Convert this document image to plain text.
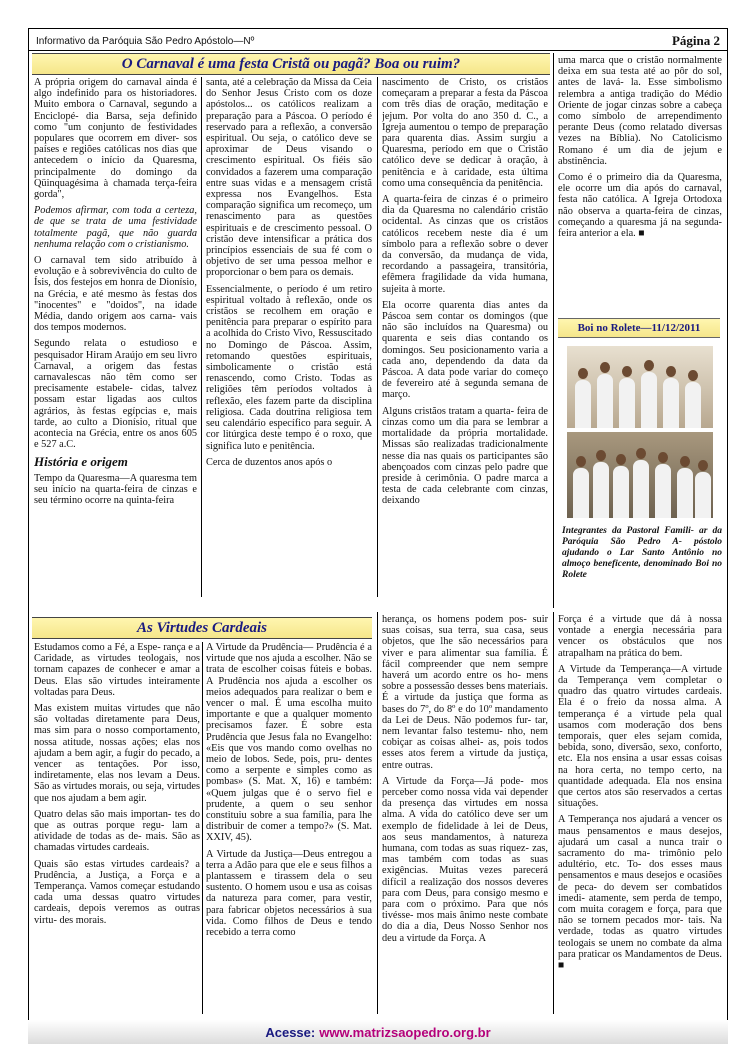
Informativo da Paróquia São Pedro Apóstolo—Nº	Página 2
O Carnaval é uma festa Cristã ou pagã? Boa ou ruim?

A própria origem do carnaval ainda é algo indefinido para os historiadores. Muito embora o Carnaval, segundo a Enciclopé- dia Barsa, seja definido como "um conjunto de festividades populares que ocorrem em diver- sos países e regiões católicas nos dias que antecedem o início da Quaresma, principalmente do domingo da Qüinquagésima à chamada terça-feira gorda",

Podemos afirmar, com toda a certeza, de que se trata de uma festividade totalmente pagã, que não guarda nenhuma relação com o cristianismo.

O carnaval tem sido atribuído à evolução e à sobrevivência do culto de Ísis, dos festejos em honra de Dionísio, na Grécia, e até mesmo às festas dos "inocentes" e "doidos", na idade Média, dando origem aos carna- vais dos tempos modernos.

Segundo relata o estudioso e pesquisador Hiram Araújo em seu livro Carnaval, a origem das festas carnavalescas não têm como ser precisamente estabele- cidas, talvez possam estar ligadas aos cultos agrários, às festas egípcias e, mais tarde, ao culto a Dionísio, ritual que acontecia na Grécia, entre os anos 605 e 527 a.C.

História e origem

Tempo da Quaresma—A quaresma tem seu início na quarta-feira de cinzas e seu término ocorre na quinta-feira

santa, até a celebração da Missa da Ceia do Senhor Jesus Cristo com os doze apóstolos... os católicos realizam a preparação para a Páscoa. O período é reservado para a reflexão, a conversão espiritual. Ou seja, o católico deve se aproximar de Deus visando o crescimento espiritual. Os fiéis são convidados a fazerem uma comparação entre suas vidas e a mensagem cristã expressa nos Evangelhos. Esta comparação significa um recomeço, um renascimento para as questões espirituais e de crescimento pessoal. O cristão deve intensificar a prática dos princípios essenciais de sua fé com o objetivo de ser uma pessoa melhor e proporcionar o bem para os demais.

Essencialmente, o período é um retiro espiritual voltado à reflexão, onde os cristãos se recolhem em oração e penitência para preparar o espírito para a acolhida do Cristo Vivo, Ressuscitado no Domingo de Páscoa. Assim, retomando questões espirituais, simbolicamente o cristão está renascendo, como Cristo. Todas as religiões têm períodos voltados à reflexão, eles fazem parte da disciplina religiosa. Cada doutrina religiosa tem seu calendário específico para seguir. A cor litúrgica deste tempo é o roxo, que significa luto e penitência.

Cerca de duzentos anos após o

nascimento de Cristo, os cristãos começaram a preparar a festa da Páscoa com três dias de oração, meditação e jejum. Por volta do ano 350 d. C., a Igreja aumentou o tempo de preparação para quarenta dias. Assim surgiu a Quaresma, período em que o Cristão católico deve se dedicar à oração, à penitência e à caridade, esta última como uma consequência da penitência.

A quarta-feira de cinzas é o primeiro dia da Quaresma no calendário cristão ocidental. As cinzas que os cristãos católicos recebem neste dia é um símbolo para a reflexão sobre o dever da conversão, da mudança de vida, recordando a passageira, transitória, efêmera fragilidade da vida humana, sujeita à morte.

Ela ocorre quarenta dias antes da Páscoa sem contar os domingos (que não são incluídos na Quaresma) ou quarenta e seis dias contando os domingos. Seu posicionamento varia a cada ano, dependendo da data da Páscoa. A data pode variar do começo de fevereiro até à segunda semana de março.

Alguns cristãos tratam a quarta- feira de cinzas como um dia para se lembrar a mortalidade da própria mortalidade. Missas são realizadas tradicionalmente nesse dia nas quais os participantes são abençoados com cinzas pelo padre que preside à cerimônia. O padre marca a testa de cada celebrante com cinzas, deixando

uma marca que o cristão normalmente deixa em sua testa até ao pôr do sol, antes de lavá- la. Esse simbolismo relembra a antiga tradição do Médio Oriente de jogar cinzas sobre a cabeça como símbolo de arrependimento perante Deus (como relatado diversas vezes na Bíblia). No Catolicismo Romano é um dia de jejum e abstinência.

Como é o primeiro dia da Quaresma, ele ocorre um dia após do carnaval, festa não católica. A Igreja Ortodoxa não observa a quarta-feira de cinzas, começando a quaresma já na segunda-feira anterior a ela. ■

Boi no Rolete—11/12/2011
Integrantes da Pastoral Famili- ar da Paróquia São Pedro A- póstolo ajudando o Lar Santo Antônio no almoço beneficente, denominado Boi no Rolete
As Virtudes Cardeais

Estudamos como a Fé, a Espe- rança e a Caridade, as virtudes teologais, nos tornam capazes de conhecer e amar a Deus. Elas são virtudes inteiramente voltadas para Deus.

Mas existem muitas virtudes que não são voltadas diretamente para Deus, mas sim para o nosso comportamento, nossa atitude, nossas ações; elas nos ajudam a bem agir, a fugir do pecado, a vencer as tentações. Por isso, indiretamente, elas nos levam a Deus. São as virtudes morais, ou seja, virtudes que nos ajudam a bem agir.

Quatro delas são mais importan- tes do que as outras porque regu- lam a atividade de todas as de- mais. São as chamadas virtudes cardeais.

Quais são estas virtudes cardeais? a Prudência, a Justiça, a Força e a Temperança. Vamos começar estudando cada uma dessas quatro virtudes cardeais, depois veremos as outras virtu- des morais.

A Virtude da Prudência— Prudência é a virtude que nos ajuda a escolher. Não se trata de escolher coisas fúteis e bobas. A Prudência nos ajuda a escolher os meios adequados para realizar o bem e vencer o mal. É uma escolha muito importante e que a qualquer momento precisamos fazer. É sobre esta Prudência que Jesus fala no Evangelho: «Eis que vos mando como ovelhas no meio de lobos. Sede, pois, pru- dentes como a serpente e simples como as pombas» (S. Mat. X, 16) e também: «Quem julgas que é o servo fiel e prudente, a quem o seu senhor constituiu sobre a sua família, para lhe distribuir de comer a tempo?» (S. Mat. XXIV, 45).

A Virtude da Justiça—Deus entregou a terra a Adão para que ele e seus filhos a plantassem e tirassem dela o seu sustento. O homem usou e usa as coisas da natureza para comer, para vestir, para fabricar objetos necessários à sua vida. Como filhos de Deus e tendo recebido a terra como

herança, os homens podem pos- suir suas coisas, sua terra, sua casa, seus objetos, que lhe são necessários para viver e para alimentar sua família. É fácil compreender que nem sempre haverá um acordo entre os ho- mens sobre a possessão desses bens materiais. É a virtude da justiça que forma as bases do 7º, do 8º e do 10º mandamento da Lei de Deus. Não podemos fur- tar, nem levantar falso testemu- nho, nem cobiçar as coisas alhei- as, pois todos esses atos ferem a virtude da justiça, entre outras.

A Virtude da Força—Já pode- mos perceber como nossa vida vai depender da presença das virtudes em nossa alma. A vida do católico deve ser um exemplo de fidelidade à lei de Deus, aos seus mandamentos, à natureza humana, com todas as suas riquez- zas, mas também com todas as suas exigências. Muitas vezes parecerá difícil a realização dos nossos deveres para com Deus, para consigo mesmo e para com o próximo. Para que nós tivésse- mos mais ânimo neste combate do dia a dia, Deus Nosso Senhor nos deu a virtude da Força. A

Força é a virtude que dá à nossa vontade a energia necessária para vencer os obstáculos que nos atrapalham na prática do bem.

A Virtude da Temperança—A virtude da Temperança vem completar o quadro das quatro virtudes cardeais. Ela é o freio da nossa alma. A temperança é a virtude pela qual usamos com moderação dos bens temporais, quer eles sejam comida, bebida, sono, diversão, sexo, conforto, etc. Ela nos ensina a usar essas coisas na hora certa, no tempo certo, na quantidade adequada. Ela nos ensina que certos atos são reservados a certas situações.

A Temperança nos ajudará a vencer os maus pensamentos e maus desejos, ajudará um casal a nunca trair o sacramento do ma- trimônio pelo adultério, etc. To- dos esses maus pensamentos e maus desejos e ocasiões de peca- do devem ser combatidos imedi- atamente, sem perda de tempo, com muita coragem e força, para que não se tornem pecados mor- tais. Na verdade, todas as quatro virtudes teologais se unem no combate da alma para praticar os Mandamentos de Deus. ■

Acesse: www.matrizsaopedro.org.br
